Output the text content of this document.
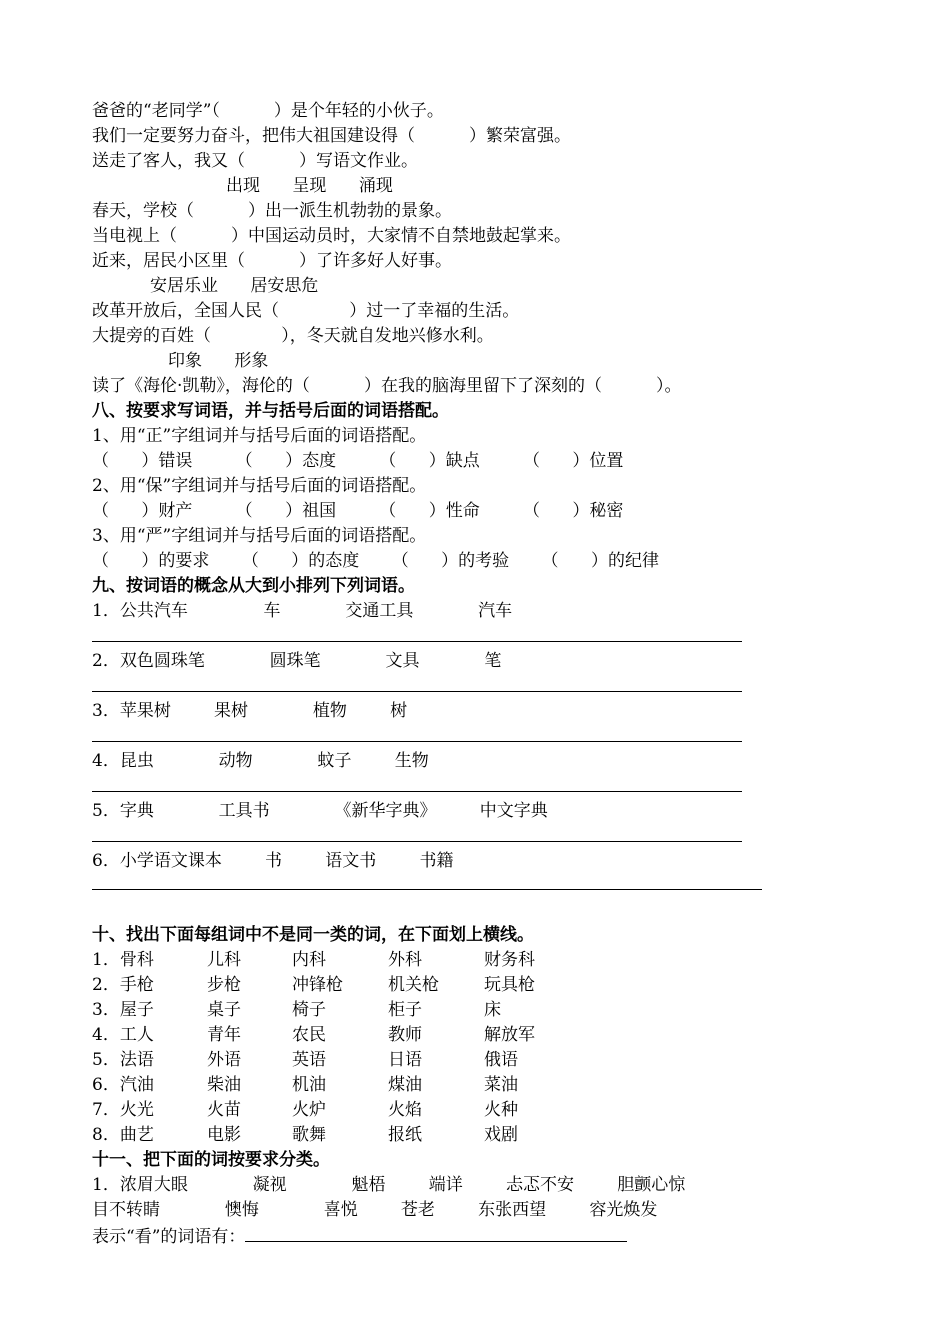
爸爸的“老同学”（          ）是个年轻的小伙子。
我们一定要努力奋斗，把伟大祖国建设得（          ）繁荣富强。
送走了客人，我又（          ）写语文作业。
出现      呈现      涌现
春天，学校（          ）出一派生机勃勃的景象。
当电视上（          ）中国运动员时，大家情不自禁地鼓起掌来。
近来，居民小区里（          ）了许多好人好事。
安居乐业      居安思危
改革开放后，全国人民（             ）过一了幸福的生活。
大提旁的百姓（             ），冬天就自发地兴修水利。
印象      形象
读了《海伦·凯勒》，海伦的（          ）在我的脑海里留下了深刻的（          ）。
八、按要求写词语，并与括号后面的词语搭配。
1、用“正”字组词并与括号后面的词语搭配。
（      ）错误        （      ）态度        （      ）缺点        （      ）位置
2、用“保”字组词并与括号后面的词语搭配。
（      ）财产        （      ）祖国        （      ）性命        （      ）秘密
3、用“严”字组词并与括号后面的词语搭配。
（      ）的要求      （      ）的态度      （      ）的考验      （      ）的纪律
九、按词语的概念从大到小排列下列词语。
1．公共汽车              车            交通工具            汽车
2．双色圆珠笔            圆珠笔            文具            笔
3．苹果树        果树            植物        树
4．昆虫            动物            蚊子        生物
5．字典            工具书            《新华字典》        中文字典
6．小学语文课本        书        语文书        书籍
十、找出下面每组词中不是同一类的词，在下面划上横线。
1．骨科	儿科	内科	外科	财务科
2．手枪	步枪	冲锋枪	机关枪	玩具枪
3．屋子	桌子	椅子	柜子	床
4．工人	青年	农民	教师	解放军
5．法语	外语	英语	日语	俄语
6．汽油	柴油	机油	煤油	菜油
7．火光	火苗	火炉	火焰	火种
8．曲艺	电影	歌舞	报纸	戏剧
十一、把下面的词按要求分类。
1．浓眉大眼            凝视            魁梧        端详        忐忑不安        胆颤心惊
目不转睛            懊悔            喜悦        苍老        东张西望        容光焕发
表示“看”的词语有：
